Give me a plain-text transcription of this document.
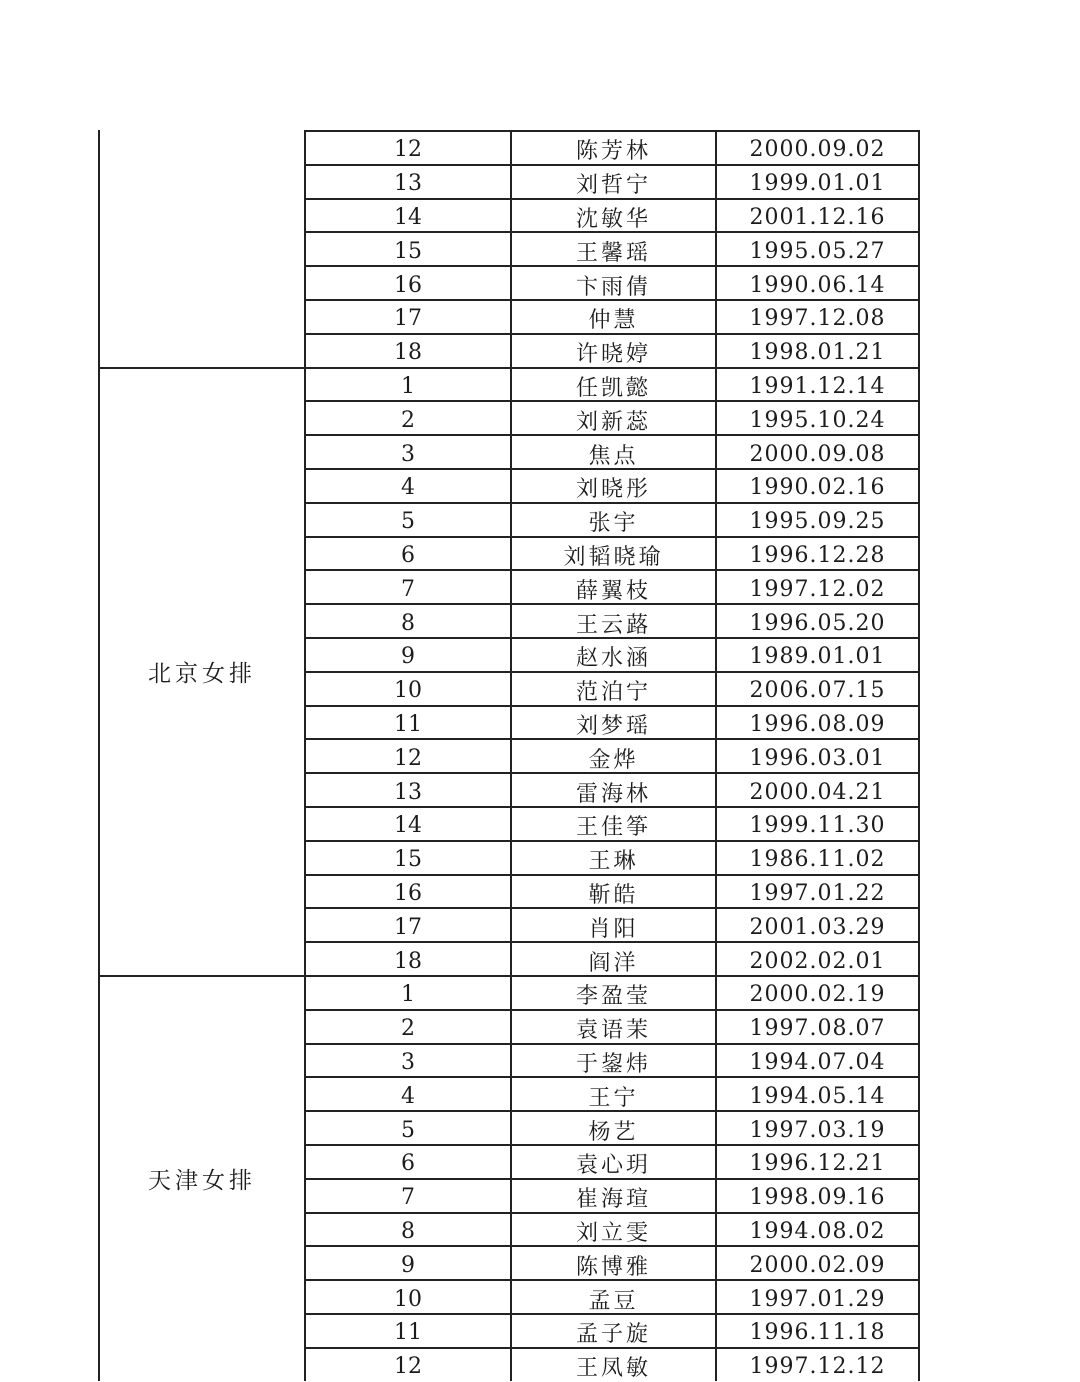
12	陈芳林	2000.09.02
13	刘哲宁	1999.01.01
14	沈敏华	2001.12.16
15	王馨瑶	1995.05.27
16	卞雨倩	1990.06.14
17	仲慧	1997.12.08
18	许晓婷	1998.01.21
1	任凯懿	1991.12.14
2	刘新蕊	1995.10.24
3	焦点	2000.09.08
4	刘晓彤	1990.02.16
5	张宇	1995.09.25
6	刘韬晓瑜	1996.12.28
7	薛翼枝	1997.12.02
8	王云蕗	1996.05.20
9	赵水涵	1989.01.01
10	范泊宁	2006.07.15
11	刘梦瑶	1996.08.09
12	金烨	1996.03.01
13	雷海林	2000.04.21
14	王佳筝	1999.11.30
15	王琳	1986.11.02
16	靳皓	1997.01.22
17	肖阳	2001.03.29
18	阎洋	2002.02.01
北京女排
1	李盈莹	2000.02.19
2	袁语茉	1997.08.07
3	于鋆炜	1994.07.04
4	王宁	1994.05.14
5	杨艺	1997.03.19
6	袁心玥	1996.12.21
7	崔海瑄	1998.09.16
8	刘立雯	1994.08.02
9	陈博雅	2000.02.09
10	孟豆	1997.01.29
11	孟子旋	1996.11.18
12	王凤敏	1997.12.12
天津女排
